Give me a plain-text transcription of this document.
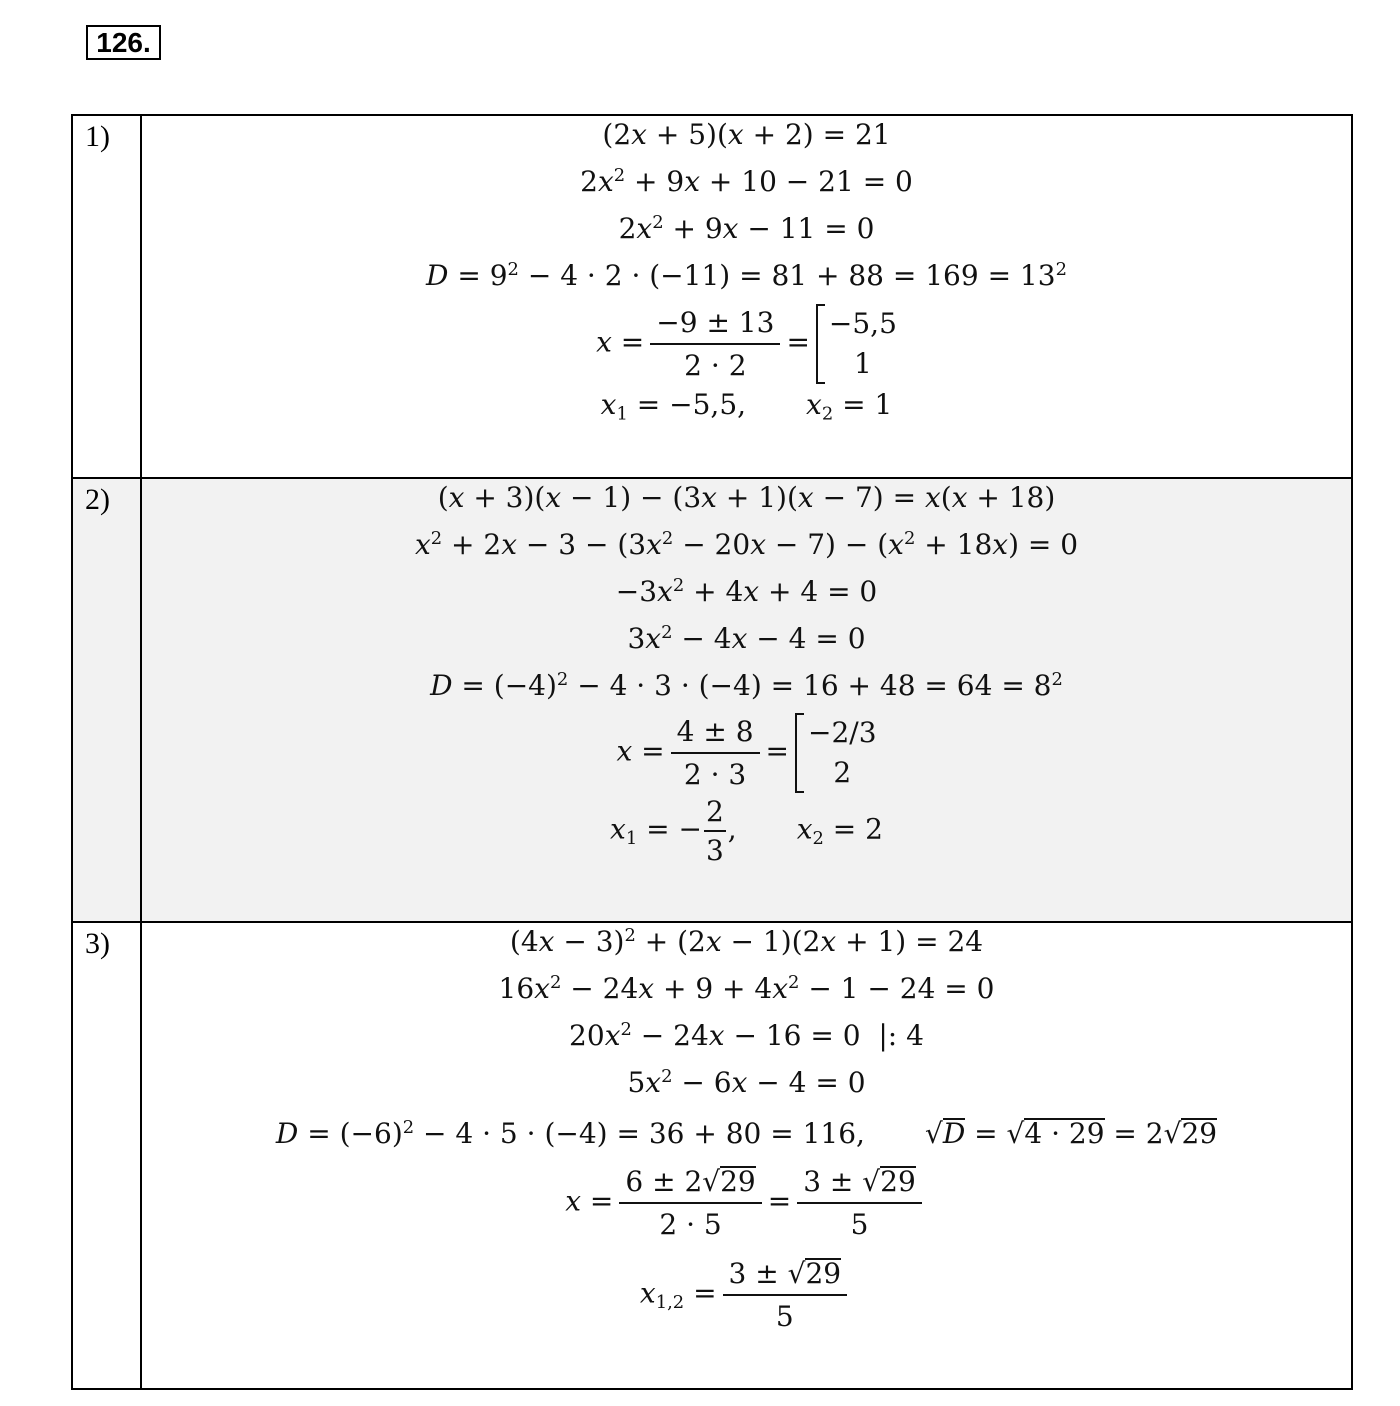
126.
1)	(2x + 5)(x + 2) = 21
$2x^2 + 9x + 10 - 21 = 0$
$2x^2 + 9x - 11 = 0$
$D = 9^2 - 4 \cdot 2 \cdot (-11) = 81 + 88 = 169 = 13^2$
$x = \frac{-9 \pm 13}{2 \cdot 2}$ =
−5,5
1
$x_1 = -5,5$, $x_2 = 1$
2)	(x + 3)(x − 1) − (3x + 1)(x − 7) = x(x + 18)
$x^2 + 2x - 3 - (3x^2 - 20x - 7) - (x^2 + 18x) = 0$
$-3x^2 + 4x + 4 = 0$
$3x^2 - 4x - 4 = 0$
$D = (-4)^2 - 4 \cdot 3 \cdot (-4) = 16 + 48 = 64 = 8^2$
$x = \frac{4 \pm 8}{2 \cdot 3}$ =
−2/3
2
$x_1$ = − $\frac{2}{3}$ , $x_2 = 2$
3)	$(4x - 3)^2 + (2x - 1)(2x + 1) = 24$
$16x^2 - 24x + 9 + 4x^2 - 1 - 24 = 0$
$20x^2 - 24x - 16 = 0$  |: 4
$5x^2 - 6x - 4 = 0$
$D = (-6)^2 - 4 \cdot 5 \cdot (-4) = 36 + 80 = 116$, √D = √4 · 29 = 2√29
$x = \frac{6 \pm 2√29}{2 \cdot 5} = \frac{3 \pm √29}{5}$
$x_{1,2} = \frac{3 \pm √29}{5}$
